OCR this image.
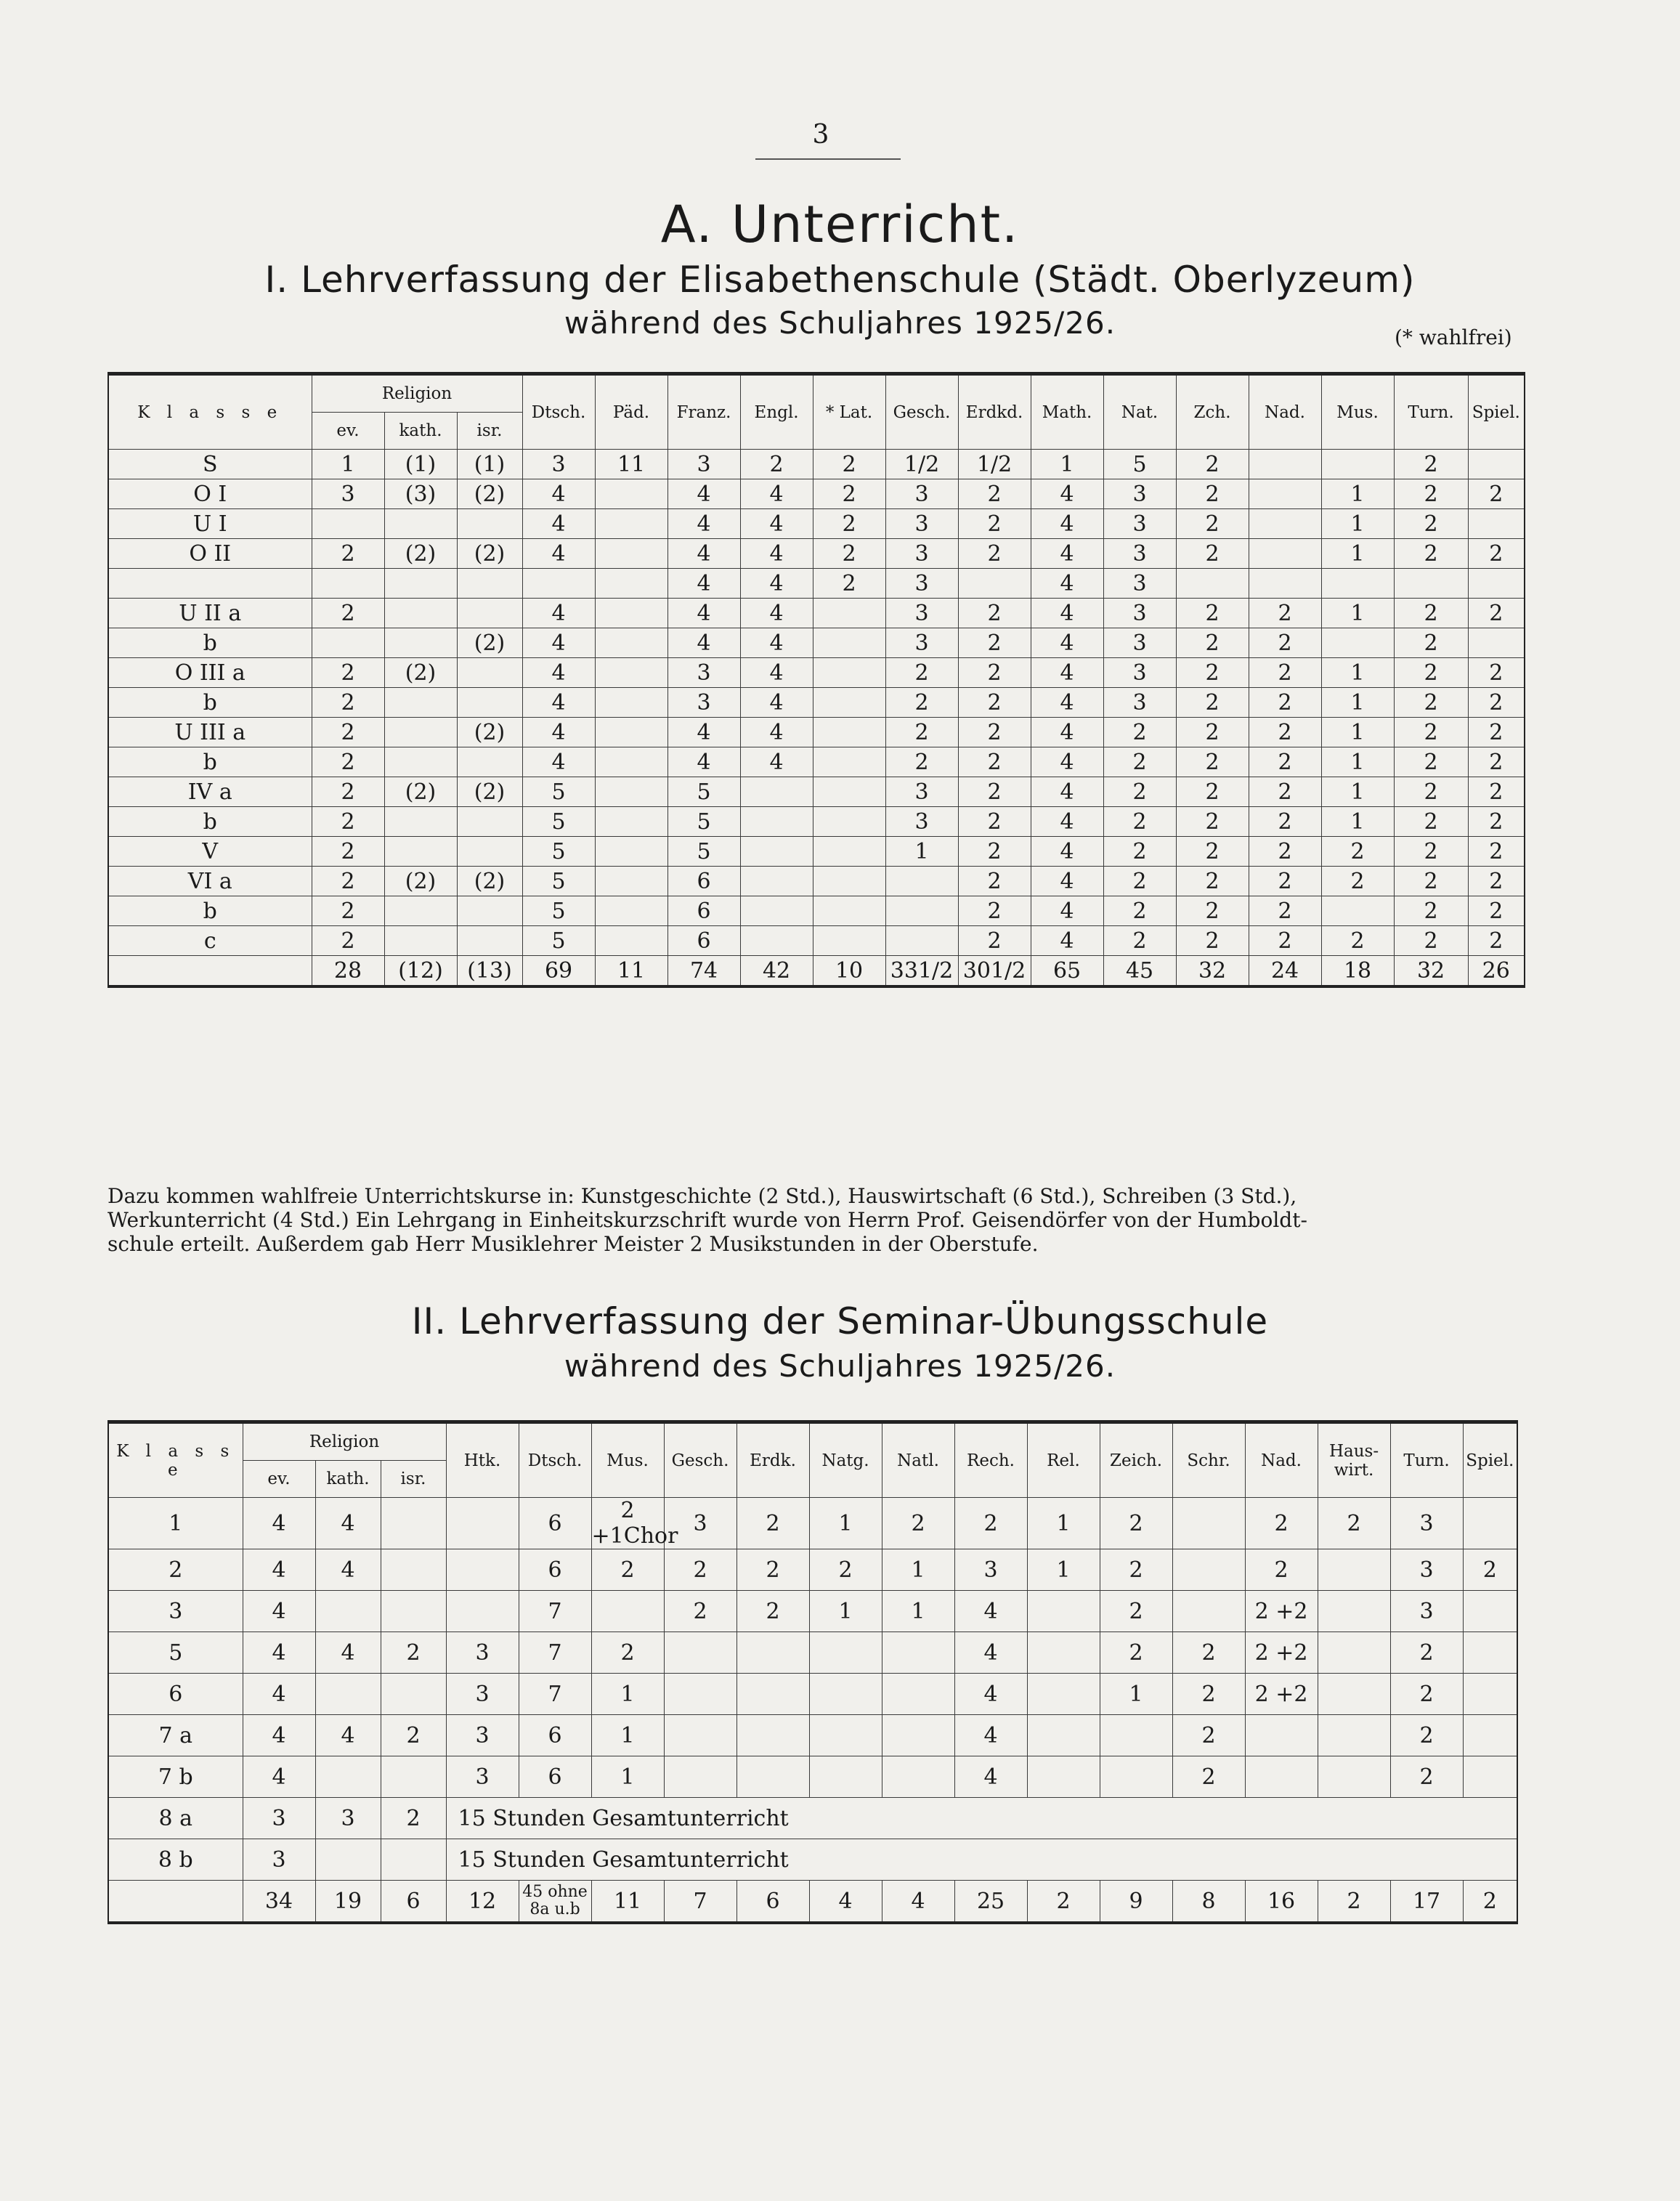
3
A. Unterricht.
I. Lehrverfassung der Elisabethenschule (Städt. Oberlyzeum)
während des Schuljahres 1925/26.	(* wahlfrei)
K l a s s e	Religion			Dtsch.	Päd.	Franz.	Engl.	* Lat.	Gesch.	Erdkd.	Math.	Nat.	Zch.	Nad.	Mus.	Turn.	Spiel.
	ev.	kath.	isr.														
S	1	(1)	(1)	3	11	3	2	2	1/2	1/2	1	5	2			2	
O I	3	(3)	(2)	4		4	4	2	3	2	4	3	2		1	2	2
U I				4		4	4	2	3	2	4	3	2		1	2	
O II	2	(2)	(2)	4		4	4	2	3	2	4	3	2		1	2	2
						4	4	2	3		4	3					
U II a	2			4		4	4		3	2	4	3	2	2	1	2	2
b			(2)	4		4	4		3	2	4	3	2	2		2	
O III a	2	(2)		4		3	4		2	2	4	3	2	2	1	2	2
b	2			4		3	4		2	2	4	3	2	2	1	2	2
U III a	2		(2)	4		4	4		2	2	4	2	2	2	1	2	2
b	2			4		4	4		2	2	4	2	2	2	1	2	2
IV a	2	(2)	(2)	5		5			3	2	4	2	2	2	1	2	2
b	2			5		5			3	2	4	2	2	2	1	2	2
V	2			5		5			1	2	4	2	2	2	2	2	2
VI a	2	(2)	(2)	5		6				2	4	2	2	2	2	2	2
b	2			5		6				2	4	2	2	2		2	2
c	2			5		6				2	4	2	2	2	2	2	2
	28	(12)	(13)	69	11	74	42	10	331/2	301/2	65	45	32	24	18	32	26
Dazu kommen wahlfreie Unterrichtskurse in: Kunstgeschichte (2 Std.), Hauswirtschaft (6 Std.), Schreiben (3 Std.),
Werkunterricht (4 Std.) Ein Lehrgang in Einheitskurzschrift wurde von Herrn Prof. Geisendörfer von der Humboldt-
schule erteilt. Außerdem gab Herr Musiklehrer Meister 2 Musikstunden in der Oberstufe.
II. Lehrverfassung der Seminar-Übungsschule
während des Schuljahres 1925/26.
K l a s s e	Religion			Htk.	Dtsch.	Mus.	Gesch.	Erdk.	Natg.	Natl.	Rech.	Rel.	Zeich.	Schr.	Nad.	Haus-wirt.	Turn.	Spiel.
	ev.	kath.	isr.															
1	4	4			6	2 +1Chor	3	2	1	2	2	1	2		2	2	3	
2	4	4			6	2	2	2	2	1	3	1	2		2		3	2
3	4				7		2	2	1	1	4		2		2 +2		3	
5	4	4	2	3	7	2					4		2	2	2 +2		2	
6	4			3	7	1					4		1	2	2 +2		2	
7 a	4	4	2	3	6	1					4			2			2	
7 b	4			3	6	1					4			2			2	
8 a	3	3	2	15 Stunden Gesamtunterricht														
8 b	3			15 Stunden Gesamtunterricht														
	34	19	6	12	45 ohne 8a u.b	11	7	6	4	4	25	2	9	8	16	2	17	2
